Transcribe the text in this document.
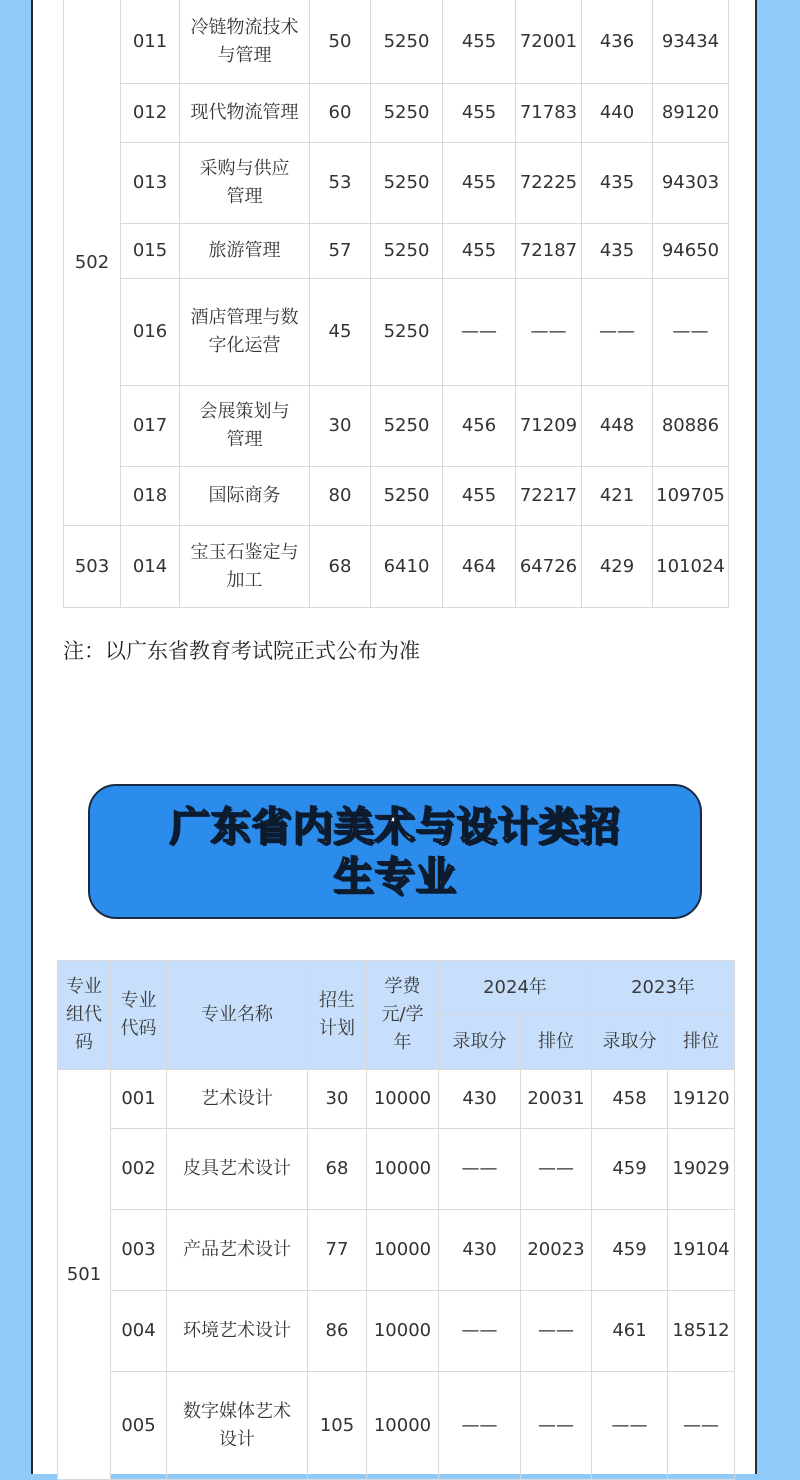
502	011	冷链物流技术与管理	50	5250	455	72001	436	93434
	012	现代物流管理	60	5250	455	71783	440	89120
	013	采购与供应管理	53	5250	455	72225	435	94303
	015	旅游管理	57	5250	455	72187	435	94650
	016	酒店管理与数字化运营	45	5250	——	——	——	——
	017	会展策划与管理	30	5250	456	71209	448	80886
	018	国际商务	80	5250	455	72217	421	109705
503	014	宝玉石鉴定与加工	68	6410	464	64726	429	101024
注：以广东省教育考试院正式公布为准
广东省内美术与设计类招
生专业
专业组代码	专业代码	专业名称	招生计划	学费元/学年	2024年		2023年	
					录取分	排位	录取分	排位
501	001	艺术设计	30	10000	430	20031	458	19120
	002	皮具艺术设计	68	10000	——	——	459	19029
	003	产品艺术设计	77	10000	430	20023	459	19104
	004	环境艺术设计	86	10000	——	——	461	18512
	005	数字媒体艺术设计	105	10000	——	——	——	——
